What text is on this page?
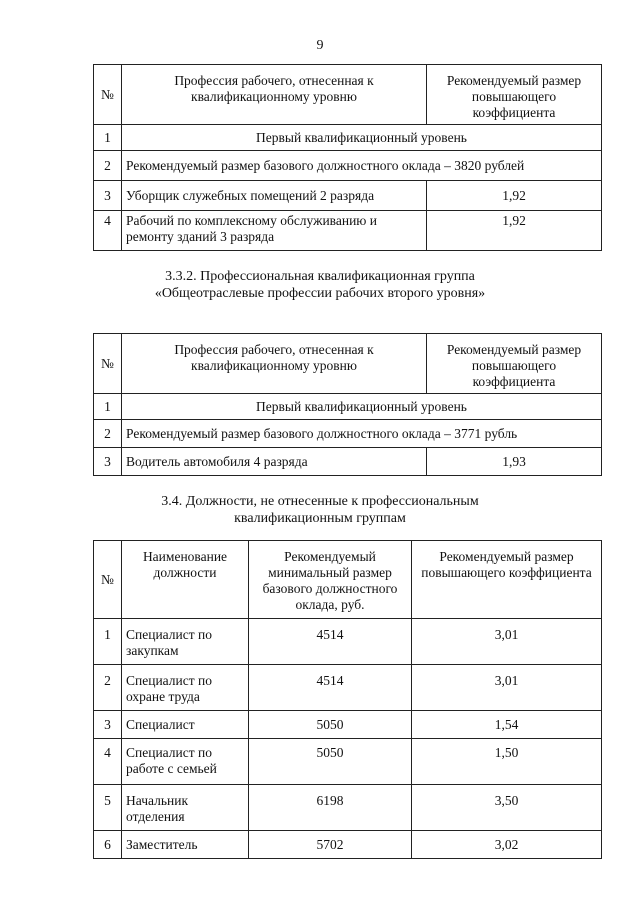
9
№	Профессия рабочего, отнесенная к квалификационному уровню	Рекомендуемый размер повышающего коэффициента
1	Первый квалификационный уровень	
2	Рекомендуемый размер базового должностного оклада – 3820 рублей	
3	Уборщик служебных помещений 2 разряда	1,92
4	Рабочий по комплексному обслуживанию и ремонту зданий 3 разряда	1,92
3.3.2. Профессиональная квалификационная группа
«Общеотраслевые профессии рабочих второго уровня»
№	Профессия рабочего, отнесенная к квалификационному уровню	Рекомендуемый размер повышающего коэффициента
1	Первый квалификационный уровень	
2	Рекомендуемый размер базового должностного оклада – 3771 рубль	
3	Водитель автомобиля 4 разряда	1,93
3.4. Должности, не отнесенные к профессиональным
квалификационным группам
№	Наименование должности	Рекомендуемый минимальный размер базового должностного оклада, руб.	Рекомендуемый размер повышающего коэффициента
1	Специалист по закупкам	4514	3,01
2	Специалист по охране труда	4514	3,01
3	Специалист	5050	1,54
4	Специалист по работе с семьей	5050	1,50
5	Начальник отделения	6198	3,50
6	Заместитель	5702	3,02
